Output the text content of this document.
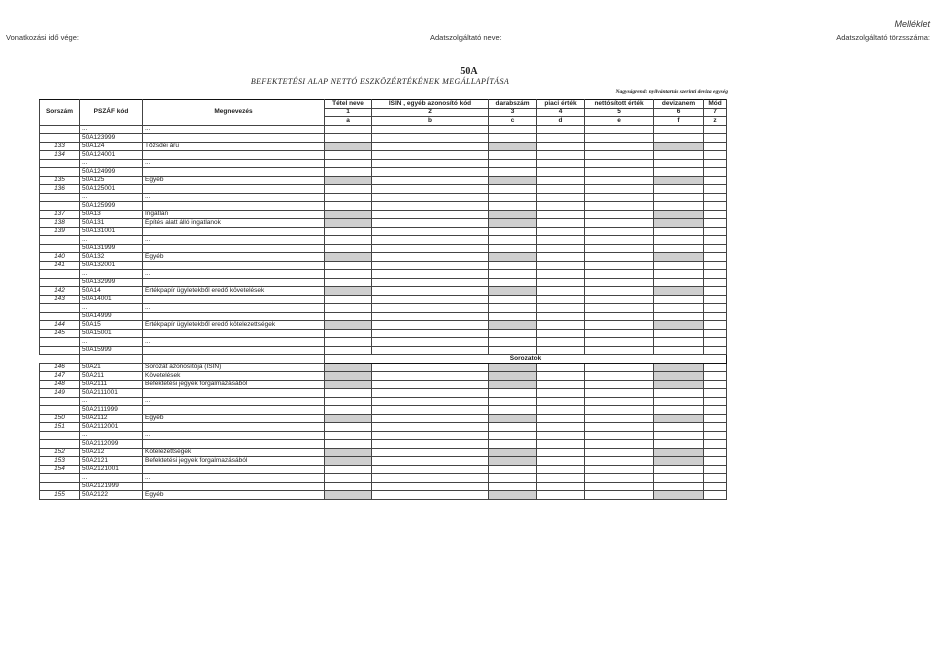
Vonatkozási idő vége:	Adatszolgáltató neve:
Melléklet
Adatszolgáltató törzsszáma:
50A
BEFEKTETÉSI ALAP NETTÓ ESZKÖZÉRTÉKÉNEK MEGÁLLAPÍTÁSA
Nagyságrend: nyilvántartás szerinti deviza egység
Sorszám	PSZÁF kód	Megnevezés	Tétel neve	ISIN , egyéb azonosító kód	darabszám	piaci érték	nettósított érték	devizanem	Mód
			1	2	3	4	5	6	7
			a	b	c	d	e	f	z
	...	...							
	50A123999								
133	50A124	Tőzsdei áru							
134	50A124001								
	...	...							
	50A124999								
135	50A125	Egyéb							
136	50A125001								
	...	...							
	50A125999								
137	50A13	Ingatlan							
138	50A131	Építés alatt álló ingatlanok							
139	50A131001								
	...	...							
	50A131999								
140	50A132	Egyéb							
141	50A132001								
	...	...							
	50A132999								
142	50A14	Értékpapír ügyletekből eredő követelések							
143	50A14001								
	...	...							
	50A14999								
144	50A15	Értékpapír ügyletekből eredő kötelezettségek							
145	50A15001								
	...	...							
	50A15999								
			Sorozatok						
146	50A21	Sorozat azonosítója (ISIN)							
147	50A211	Követelések							
148	50A2111	Befektetési jegyek forgalmazásából							
149	50A2111001								
	...	...							
	50A2111999								
150	50A2112	Egyéb							
151	50A2112001								
	...	...							
	50A2112099								
152	50A212	Kötelezettségek							
153	50A2121	Befektetési jegyek forgalmazásából							
154	50A2121001								
	...	...							
	50A2121999								
155	50A2122	Egyéb							
